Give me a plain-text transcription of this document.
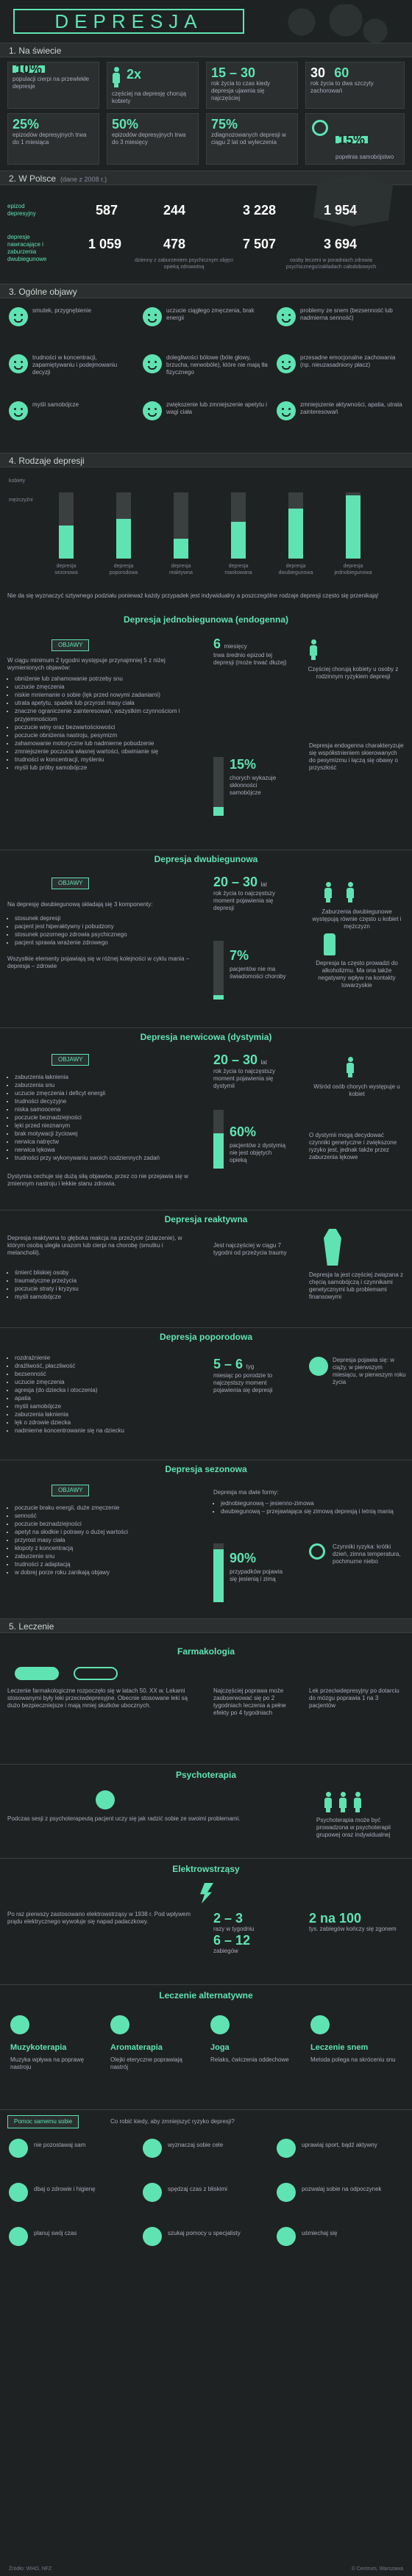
DEPRESJA
1. Na świecie
10%
populacji cierpi na przewlekłe depresje
2x
częściej na depresję chorują kobiety
15 – 30
rok życia to czas kiedy depresja ujawnia się najczęściej
30 60
rok życia to dwa szczyty zachorowań
25%
epizodów depresyjnych trwa do 1 miesiąca
50%
epizodów depresyjnych trwa do 3 miesięcy
75%
zdiagnozowanych depresji w ciągu 2 lat od wyleczenia	15%
popełnia samobójstwo
2. W Polsce (dane z 2008 r.)
epizod depresyjny
depresje nawracające i zaburzenia dwubiegunowe
587	244	3 228	1 954
1 059	478	7 507	3 694
dzienny z zaburzeniem psychicznym objęci opieką zdrowotną
osoby leczeni w poradniach zdrowia psychicznego/zakładach całodobowych
3. Ogólne objawy
smutek, przygnębienie	uczucie ciągłego zmęczenia, brak energii
problemy ze snem (bezsenność lub nadmierna senność)
trudności w koncentracji, zapamiętywaniu i podejmowaniu decyzji
dolegliwości bólowe (bóle głowy, brzucha, nerwobóle), które nie mają tła fizycznego
przesadne emocjonalne zachowania (np. nieuzasadniony płacz)
myśli samobójcze	zwiększenie lub zmniejszenie apetytu i wagi ciała
zmniejszenie aktywności, apatia, utrata zainteresowań
4. Rodzaje depresji
kobiety
mężczyźni
depresja sezonowa
depresja poporodowa
depresja reaktywna
depresja maskowana
depresja dwubiegunowa
depresja jednobiegunowa
Nie da się wyznaczyć sztywnego podziału ponieważ każdy przypadek jest indywidualny a poszczególne rodzaje depresji często się przenikają!
Depresja jednobiegunowa (endogenna)
OBJAWY
W ciągu minimum 2 tygodni występuje przynajmniej 5 z niżej wymienionych objawów:
▪ obniżenie lub zahamowanie potrzeby snu
▪ uczucie zmęczenia
▪ niskie mniemanie o sobie (lęk przed nowymi zadaniami)
▪ utrata apetytu, spadek lub przyrost masy ciała
▪ znaczne ograniczenie zainteresowań, wszystkim czynnościom i przyjemnościom
▪ poczucie winy oraz bezwartościowości
▪ poczucie obniżenia nastroju, pesymizm
▪ zahamowanie motoryczne lub nadmierne pobudzenie
▪ zmniejszenie poczucia własnej wartości, obwinianie się
▪ trudności w koncentracji, myśleniu
▪ myśli lub próby samobójcze
6 miesięcy
trwa średnio epizod tej depresji (może trwać dłużej)
Częściej chorują kobiety u osoby z rodzinnym ryzykiem depresji
15%
chorych wykazuje skłonności samobójcze
Depresja endogenna charakteryzuje się współistnieniem skierowanych do pesymizmu i łączą się obawy o przyszłość
Depresja dwubiegunowa
OBJAWY
Na depresję dwubiegunową składają się 3 komponenty:
▪ stosunek depresji
▪ pacjent jest hiperaktywny i pobudzony
▪ stosunek pozornego zdrowia psychicznego
▪ pacjent sprawia wrażenie zdrowego
Wszystkie elementy pojawiają się w różnej kolejności w cyklu mania – depresja – zdrowie
20 – 30 lat
rok życia to najczęstszy moment pojawienia się depresji
Zaburzenia dwubiegunowe występują równie często u kobiet i mężczyzn
7%
pacjentów nie ma świadomości choroby
Depresja ta często prowadzi do alkoholizmu. Ma ona także negatywny wpływ na kontakty towarzyskie
Depresja nerwicowa (dystymia)
OBJAWY
▪ zaburzenia łaknienia
▪ zaburzenia snu
▪ uczucie zmęczenia i deficyt energii
▪ trudności decyzyjne
▪ niska samoocena
▪ poczucie beznadziejności
▪ lęki przed nieznanym
▪ brak motywacji życiowej
▪ nerwica natręctw
▪ nerwica lękowa
▪ trudności przy wykonywaniu swoich codziennych zadań
Dystymia cechuje się dużą siłą objawów, przez co nie przejawia się w zmiennym nastroju i lekkie stanu zdrowia.
20 – 30 lat
rok życia to najczęstszy moment pojawienia się dystymii	Wśród osób chorych występuje u kobiet
60%
pacjentów z dystymią nie jest objętych opieką
O dystymii mogą decydować czynniki genetyczne i zwiększone ryzyko jest, jednak także przez zaburzenia lękowe
Depresja reaktywna
Depresja reaktywna to głęboka reakcja na przeżycie (zdarzenie), w którym osobą uległa urazom lub cierpi na chorobę (smutku i melancholii).
▪ śmierć bliskiej osoby
▪ traumatyczne przeżycia
▪ poczucie straty i kryzysu
▪ myśli samobójcze
Jest najczęściej w ciągu 7 tygodni od przeżycia traumy
Depresja ta jest częściej związana z chęcią samobójczą i czynnikami genetycznymi lub problemami finansowymi
Depresja poporodowa
▪ rozdrażnienie
▪ drażliwość, płaczliwość
▪ bezsenność
▪ uczucie zmęczenia
▪ agresja (do dziecka i otoczenia)
▪ apatia
▪ myśli samobójcze
▪ zaburzenia łaknienia
▪ lęk o zdrowie dziecka
▪ nadmierne koncentrowanie się na dziecku
5 – 6 tyg
miesiąc po porodzie to najczęstszy moment pojawienia się depresji
Depresja pojawia się: w ciąży, w pierwszym miesiącu, w pierwszym roku życia
Depresja sezonowa
OBJAWY
▪ poczucie braku energii, duże zmęczenie
▪ senność
▪ poczucie beznadziejności
▪ apetyt na słodkie i potrawy o dużej wartości
▪ przyrost masy ciała
▪ kłopoty z koncentracją
▪ zaburzenie snu
▪ trudności z adaptacją
▪ w dobrej porze roku zanikają objawy
Depresja ma dwie formy:
▪ jednobiegunową – jesienno-zimowa
▪ dwubiegunową – przejawiająca się zimową depresją i letnią manią
90%
przypadków pojawia się jesienią i zimą
Czynniki ryzyka: krótki dzień, zimna temperatura, pochmurne niebo
5. Leczenie
Farmakologia
Leczenie farmakologiczne rozpoczęło się w latach 50. XX w. Lekami stosowanymi były leki przeciwdepresyjne. Obecnie stosowane leki są dużo bezpieczniejsze i mają mniej skutków ubocznych.
Najczęściej poprawa może zaobserwować się po 2 tygodniach leczenia a pełne efekty po 4 tygodniach
Lek przeciwdepresyjny po dotarciu do mózgu poprawia 1 na 3 pacjentów
Psychoterapia
Podczas sesji z psychoterapeutą pacjent uczy się jak radzić sobie ze swoimi problemami.	Psychoterapia może być prowadzona w psychoterapii grupowej oraz indywidualnej
Elektrowstrząsy
Po raz pierwszy zastosowano elektrowstrząsy w 1938 r. Pod wpływem prądu elektrycznego wywołuje się napad padaczkowy.	2 – 3
razy w tygodniu
6 – 12
zabiegów
2 na 100
tys. zabiegów kończy się zgonem
Leczenie alternatywne
Muzykoterapia
Muzyka wpływa na poprawę nastroju
Aromaterapia
Olejki eteryczne poprawiają nastrój
Joga
Relaks, ćwiczenia oddechowe
Leczenie snem
Metoda polega na skróceniu snu
Pomoc samemu sobie	Co robić kiedy, aby zmniejszyć ryzyko depresji?
nie pozostawaj sam	wyznaczaj sobie cele	uprawiaj sport, bądź aktywny
dbaj o zdrowie i higienę	spędzaj czas z bliskimi	pozwalaj sobie na odpoczynek
planuj swój czas	szukaj pomocy u specjalisty	uśmiechaj się
Źródło: WHO, NFZ	© Centrum, Warszawa
